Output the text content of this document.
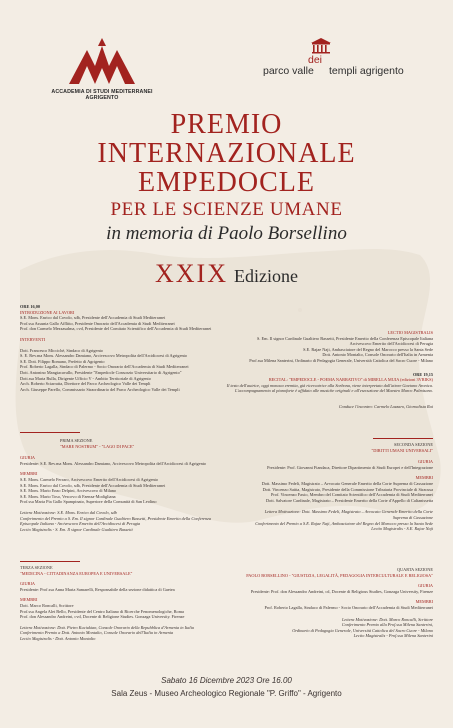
ACCADEMIA DI STUDI MEDITERRANEI AGRIGENTO
parco valle
dei
templi agrigento
PREMIO
INTERNAZIONALE
EMPEDOCLE
PER LE SCIENZE UMANE
in memoria di Paolo Borsellino
XXIX Edizione
ORE 16,00
INTRODUZIONE AI LAVORI
S.E. Mons. Enrico dal Covolo, sdb, Presidente dell'Accademia di Studi Mediterranei
Prof.ssa Assunta Gallo Afflitto, Presidente Onorario dell'Accademia di Studi Mediterranei
Prof. don Carmelo Mezzasalma, cvd, Presidente del Comitato Scientifico dell'Accademia di Studi Mediterranei
INTERVENTI
Dott. Francesco Miccichè, Sindaco di Agrigento
S. E. Rev.ma Mons. Alessandro Damiano, Arcivescovo Metropolita dell'Arcidiocesi di Agrigento
S.E. Dott. Filippo Romano, Prefetto di Agrigento
Prof. Roberto Lagalla, Sindaco di Palermo - Socio Onorario dell'Accademia di Studi Mediterranei
Dott. Antonino Mangiacavallo, Presidente "Empedocle Consorzio Universitario di Agrigento"
Dott.ssa Maria Bulla, Dirigente Ufficio V - Ambito Territoriale di Agrigento
Arch. Roberto Sciarratta, Direttore del Parco Archeologico Valle dei Templi
Arch. Giuseppe Parello, Commissario Straordinario del Parco Archeologico Valle dei Templi
LECTIO MAGISTRALIS
S. Em. Il signor Cardinale Gualtiero Bassetti, Presidente Emerito della Conferenza Episcopale Italiana
Arcivescovo Emerito dell'Arcidiocesi di Perugia
S.E. Rajae Naji, Ambasciatore del Regno del Marocco presso la Santa Sede
Dott. Antonio Montalto, Console Onorario dell'Italia in Armenia
Prof.ssa Milena Santerini, Ordinario di Pedagogia Generale, Università Cattolica del Sacro Cuore - Milano
ORE 19,15
RECITAL: "EMPEDOCLE - POEMA NARRATIVO" di MIRELLA MUIA (edizioni 3VRIKS)
Il testo dell'autrice, oggi monaca eremita, già ricercatrice alla Sorbona, viene interpretato dall'attore Gaetano Aronica.
L'accompagnamento al pianoforte è affidato alle musiche originali e all'esecuzione del Maestro Marco Palmisano.
Conduce l'incontro: Carmelo Lazzaro, Giornalista Rai
PRIMA SEZIONE
"MARE NOSTRUM" - "LAGO DI PACE"
GIURIA
Presidente: S.E. Rev.ma Mons. Alessandro Damiano, Arcivescovo Metropolita dell'Arcidiocesi di Agrigento
MEMBRI
S.E. Mons. Carmelo Ferraro, Arcivescovo Emerito dell'Arcidiocesi di Agrigento
S.E. Mons. Enrico dal Covolo, sdb, Presidente dell'Accademia di Studi Mediterranei
S.E. Mons. Mario Enzo Delpini, Arcivescovo di Milano
S.E. Mons. Mario Toso, Vescovo di Faenza-Modigliana
Prof.ssa Maria Pia Gallo Spampinato, Superiore della Comunità di San Leolino
Lettera Motivazione: S.E. Mons. Enrico dal Covolo, sdb
Conferimento del Premio a S. Em. Il signor Cardinale Gualtiero Bassetti, Presidente Emerito della Conferenza
Episcopale Italiana - Arcivescovo Emerito dell'Arcidiocesi di Perugia
Lectio Magistralis - S. Em. Il signor Cardinale Gualtiero Bassetti
SECONDA SEZIONE
"DIRITTI UMANI UNIVERSALI"
GIURIA
Presidente: Prof. Giovanni Fiandaca, Direttore Dipartimento di Studi Europei e dell'Integrazione
MEMBRI
Dott. Massimo Fedeli, Magistrato – Avvocato Generale Emerito della Corte Suprema di Cassazione
Dott. Vincenzo Saitta, Magistrato, Presidente della Commissione Tributaria Provinciale di Siracusa
Prof. Vincenzo Faxio, Membro del Comitato Scientifico dell'Accademia di Studi Mediterranei
Dott. Salvatore Cardinale, Magistrato – Presidente Emerito della Corte d'Appello di Caltanissetta
Lettera Motivazione: Dott. Massimo Fedeli, Magistrato – Avvocato Generale Emerito della Corte
Suprema di Cassazione
Conferimento del Premio a S.E. Rajae Naji, Ambasciatore del Regno del Marocco presso la Santa Sede
Lectio Magistralis - S.E. Rajae Naji
TERZA SEZIONE
"MEDICINA - CITTADINANZA EUROPEA E UNIVERSALE"
GIURIA
Presidente: Prof.ssa Anna Maria Samarelli, Responsabile della sezione didattica di Gaetea
MEMBRI
Dott. Marco Roncalli, Scrittore
Prof.ssa Angela Alet Bello, Presidente del Centro Italiano di Ricerche Fenomenologiche, Roma
Prof. don Alessandro Andreini, cvd, Docente di Religione Studies. Gonzaga University. Firenze
Lettera Motivazione: Dott. Pietro Kuciukian, Console Onorario della Repubblica d'Armenia in Italia
Conferimento Premio a Dott. Antonio Montalto, Console Onorario dell'Italia in Armenia
Lectio Magistralis - Dott. Antonio Montalto
QUARTA SEZIONE
PAOLO BORSELLINO - "GIUSTIZIA, LEGALITÀ, PEDAGOGIA INTERCULTURALE E RELIGIOSA"
GIURIA
Presidente: Prof. don Alessandro Andreini, cd, Docente di Religious Studies, Gonzaga University, Firenze
MEMBRI
Prof. Roberto Lagalla, Sindaco di Palermo - Socio Onorario dell'Accademia di Studi Mediterranei
Lettera Motivazione: Dott. Marco Roncalli, Scrittore
Conferimento Premio alla Prof.ssa Milena Santerini,
Ordinario di Pedagogia Generale, Università Cattolica del Sacro Cuore - Milano
Lectio Magistralis - Prof.ssa Milena Santerini
Sabato 16 Dicembre 2023 Ore 16.00
Sala Zeus - Museo Archeologico Regionale "P. Griffo" - Agrigento
